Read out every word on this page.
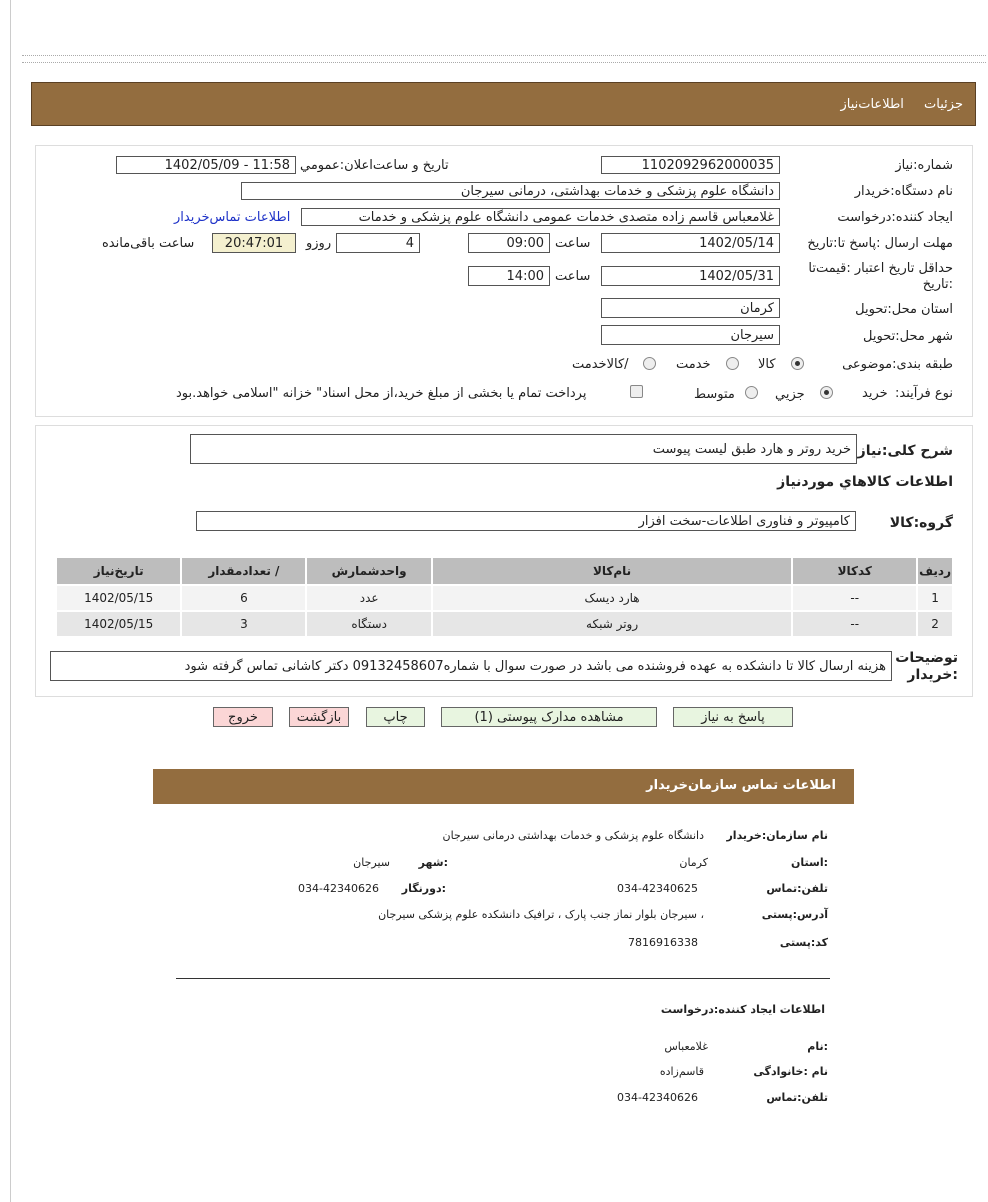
جزئیات اطلاعات‌نیاز
شماره:نیاز
1102092962000035
تاریخ و ساعت‌اعلان:عمومي
1402/05/09 - 11:58
نام دستگاه:خریدار
دانشگاه علوم پزشکی و خدمات بهداشتی، درمانی سیرجان
ایجاد کننده:درخواست
غلامعباس قاسم زاده متصدی خدمات عمومی دانشگاه علوم پزشکی و خدمات
اطلاعات تماس‌خریدار
مهلت ارسال :پاسخ تا:تاریخ
1402/05/14
ساعت
09:00
4
روزو
20:47:01
ساعت باقی‌مانده
حداقل تاریخ اعتبار :قیمت‌تا
:تاریخ
1402/05/31
ساعت
14:00
استان محل:تحویل
کرمان
شهر محل:تحویل
سیرجان
طبقه بندی:موضوعی
کالا
خدمت
/کالاخدمت
نوع فرآیند:
خرید
جزیي
متوسط
پرداخت تمام یا بخشی از مبلغ خرید،از محل اسناد" خزانه "اسلامی خواهد.بود
شرح کلی:نیاز
خرید روتر و هارد طبق لیست پیوست
اطلاعات کالاهاي موردنیاز
گروه:کالا
کامپیوتر و فناوری اطلاعات-سخت افزار
ردیف	کدکالا	نام‌کالا	واحدشمارش	/ تعدادمقدار	تاریخ‌نیاز
1	--	هارد دیسک	عدد	6	1402/05/15
2	--	روتر شبکه	دستگاه	3	1402/05/15
توضیحات
:خریدار
هزینه ارسال کالا تا دانشکده به عهده فروشنده می باشد در صورت سوال با شماره09132458607 دکتر کاشانی تماس گرفته شود
پاسخ به نیاز
مشاهده مدارک پیوستی (1)
چاپ
بازگشت
خروج
اطلاعات تماس سازمان‌خریدار
نام سازمان:خریدار
دانشگاه علوم پزشکی و خدمات بهداشتی درمانی سیرجان
:استان
کرمان
:شهر
سیرجان
تلفن:تماس
034-42340625
:دورنگار
034-42340626
آدرس:پستی
، سیرجان بلوار نماز جنب پارک ، ترافیک دانشکده علوم پزشکی سیرجان
کد:پستی
7816916338
اطلاعات ایجاد کننده:درخواست
:نام
غلامعباس
نام :خانوادگی
قاسم‌زاده
تلفن:تماس
034-42340626
